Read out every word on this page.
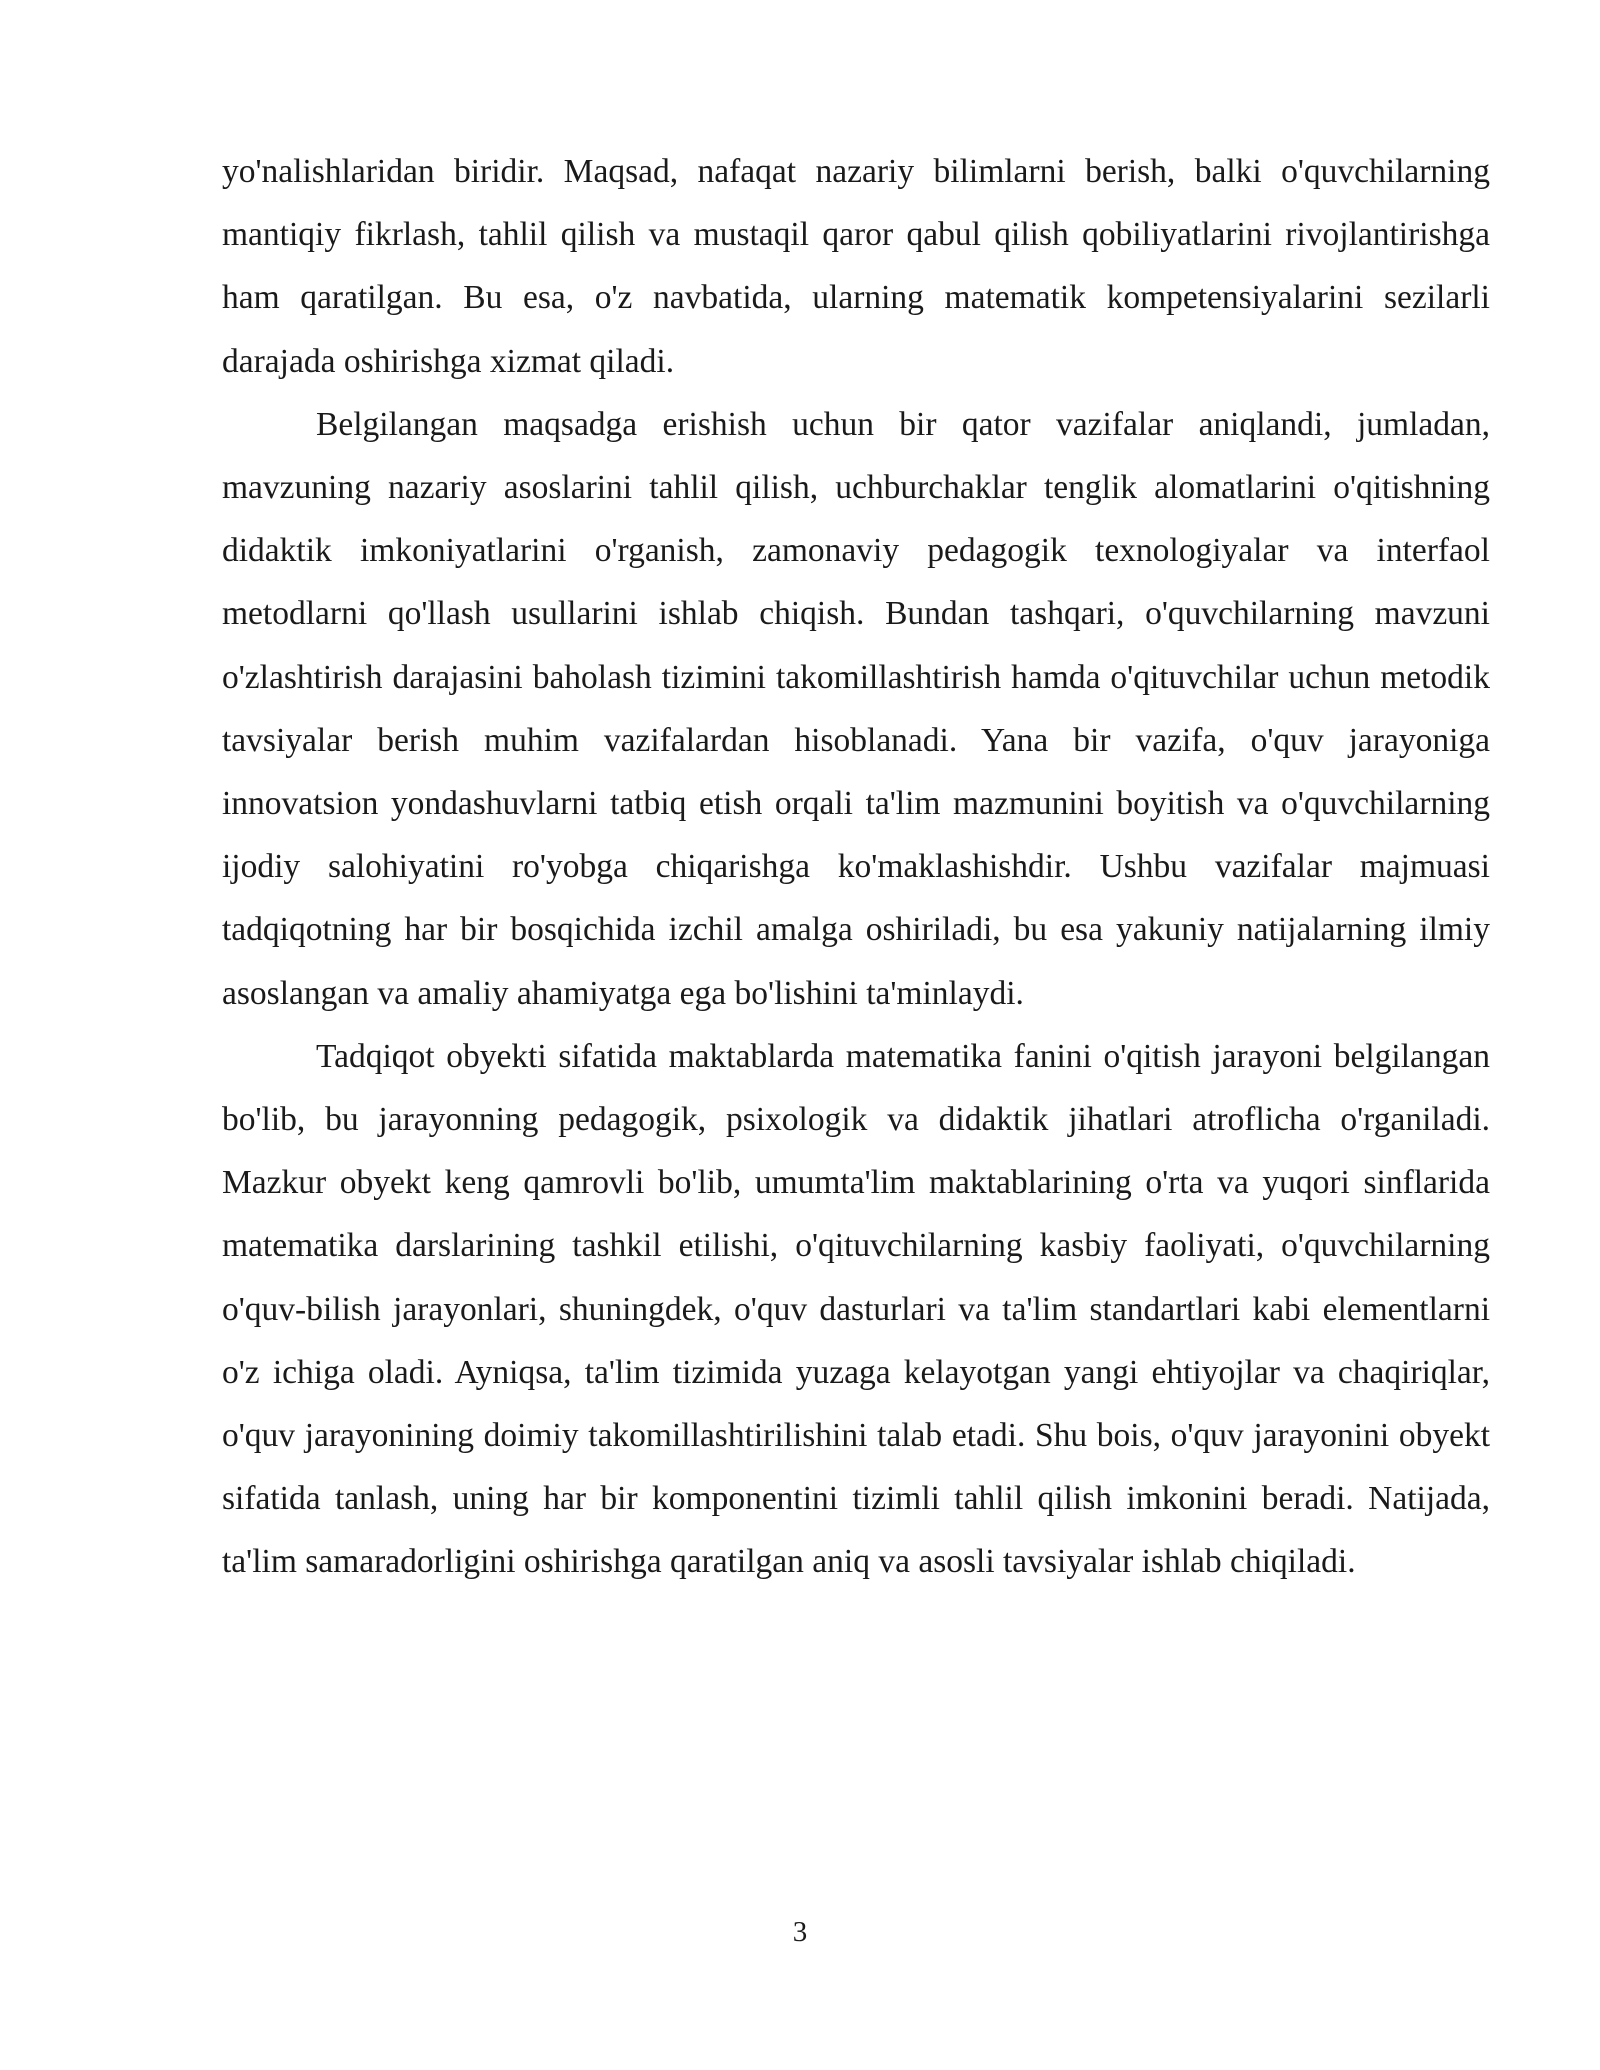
yo'nalishlaridan biridir. Maqsad, nafaqat nazariy bilimlarni berish, balki o'quvchilarning mantiqiy fikrlash, tahlil qilish va mustaqil qaror qabul qilish qobiliyatlarini rivojlantirishga ham qaratilgan. Bu esa, o'z navbatida, ularning matematik kompetensiyalarini sezilarli darajada oshirishga xizmat qiladi.

Belgilangan maqsadga erishish uchun bir qator vazifalar aniqlandi, jumladan, mavzuning nazariy asoslarini tahlil qilish, uchburchaklar tenglik alomatlarini o'qitishning didaktik imkoniyatlarini o'rganish, zamonaviy pedagogik texnologiyalar va interfaol metodlarni qo'llash usullarini ishlab chiqish. Bundan tashqari, o'quvchilarning mavzuni o'zlashtirish darajasini baholash tizimini takomillashtirish hamda o'qituvchilar uchun metodik tavsiyalar berish muhim vazifalardan hisoblanadi. Yana bir vazifa, o'quv jarayoniga innovatsion yondashuvlarni tatbiq etish orqali ta'lim mazmunini boyitish va o'quvchilarning ijodiy salohiyatini ro'yobga chiqarishga ko'maklashishdir. Ushbu vazifalar majmuasi tadqiqotning har bir bosqichida izchil amalga oshiriladi, bu esa yakuniy natijalarning ilmiy asoslangan va amaliy ahamiyatga ega bo'lishini ta'minlaydi.

Tadqiqot obyekti sifatida maktablarda matematika fanini o'qitish jarayoni belgilangan bo'lib, bu jarayonning pedagogik, psixologik va didaktik jihatlari atroflicha o'rganiladi. Mazkur obyekt keng qamrovli bo'lib, umumta'lim maktablarining o'rta va yuqori sinflarida matematika darslarining tashkil etilishi, o'qituvchilarning kasbiy faoliyati, o'quvchilarning o'quv-bilish jarayonlari, shuningdek, o'quv dasturlari va ta'lim standartlari kabi elementlarni o'z ichiga oladi. Ayniqsa, ta'lim tizimida yuzaga kelayotgan yangi ehtiyojlar va chaqiriqlar, o'quv jarayonining doimiy takomillashtirilishini talab etadi. Shu bois, o'quv jarayonini obyekt sifatida tanlash, uning har bir komponentini tizimli tahlil qilish imkonini beradi. Natijada, ta'lim samaradorligini oshirishga qaratilgan aniq va asosli tavsiyalar ishlab chiqiladi.

3
